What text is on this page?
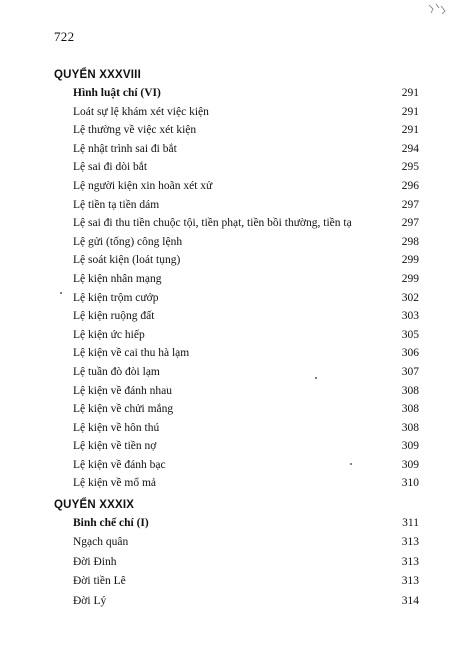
722
QUYỂN XXXVIII
Hình luật chí (VI)	291
Loát sự lệ khám xét việc kiện	291
Lệ thường về việc xét kiện	291
Lệ nhật trình sai đi bắt	294
Lệ sai đi dòi bắt	295
Lệ người kiện xin hoãn xét xử	296
Lệ tiền tạ tiền dám	297
Lệ sai đi thu tiền chuộc tội, tiền phạt, tiền bồi thường, tiền tạ	297
Lệ gửi (tống) công lệnh	298
Lệ soát kiện (loát tụng)	299
Lệ kiện nhân mạng	299
Lệ kiện trộm cướp	302
Lệ kiện ruộng đất	303
Lệ kiện ức hiếp	305
Lệ kiện về cai thu hà lạm	306
Lệ tuần đò đòi lạm	307
Lệ kiện về đánh nhau	308
Lệ kiện về chửi mắng	308
Lệ kiện về hôn thú	308
Lệ kiện về tiền nợ	309
Lệ kiện về đánh bạc	309
Lệ kiện về mổ mả	310
QUYỂN XXXIX
Binh chế chí (I)	311
Ngạch quân	313
Đời Đinh	313
Đời tiền Lê	313
Đời Lý	314
